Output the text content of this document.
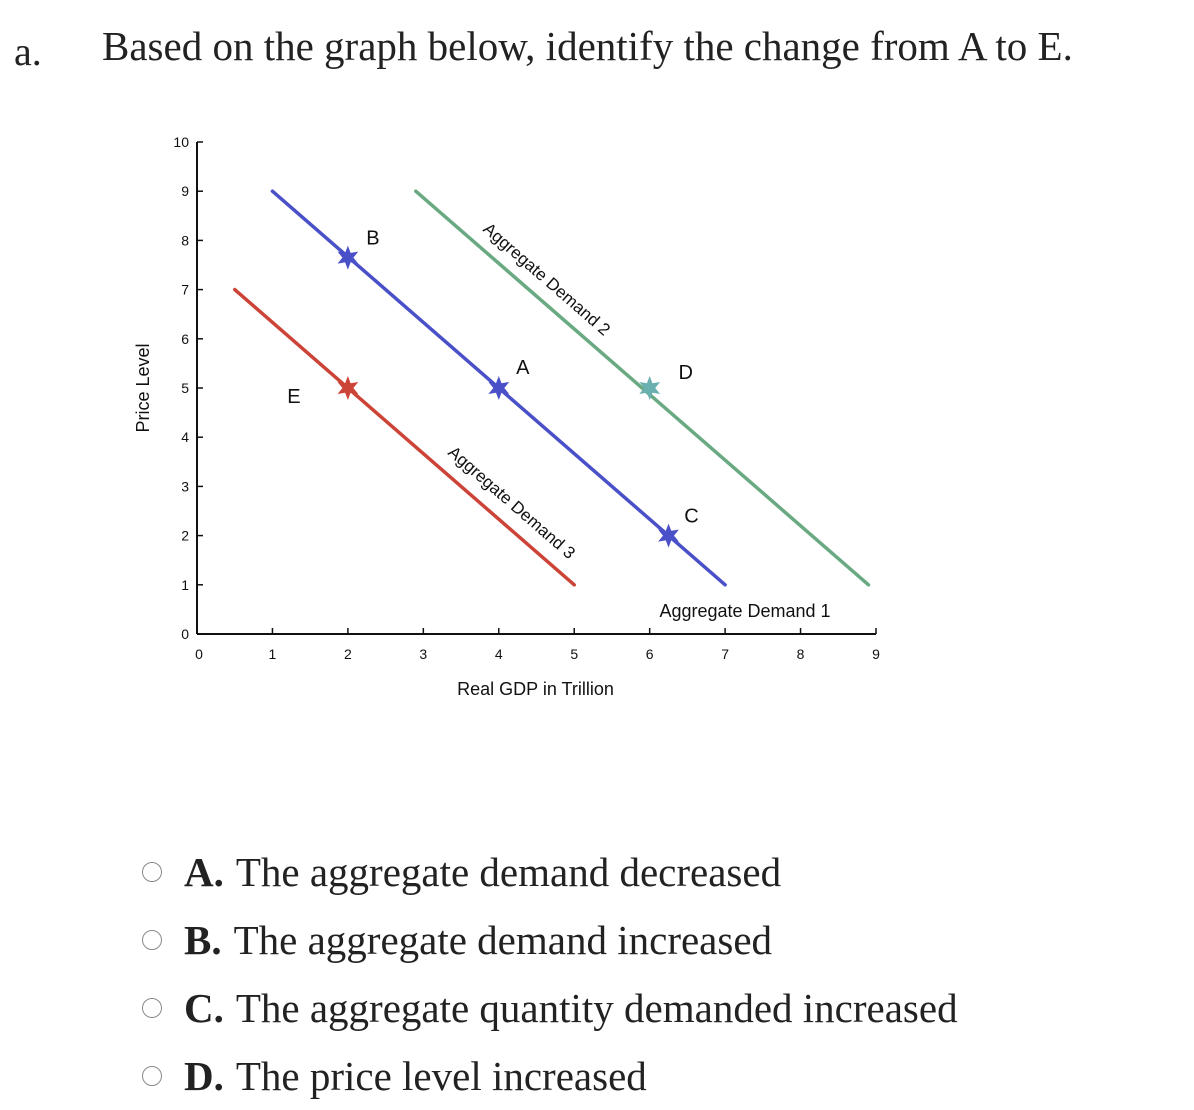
a. Based on the graph below, identify the change from A to E.
0
1
2
3
4
5
6
7
8
9
10
0	1	2	3	4	5	6	7	8	9
Real GDP in Trillion
Price Level
Aggregate Demand 1
Aggregate Demand 2
Aggregate Demand 3
A
B
C
D
E
A. The aggregate demand decreased
B. The aggregate demand increased
C. The aggregate quantity demanded increased
D. The price level increased
